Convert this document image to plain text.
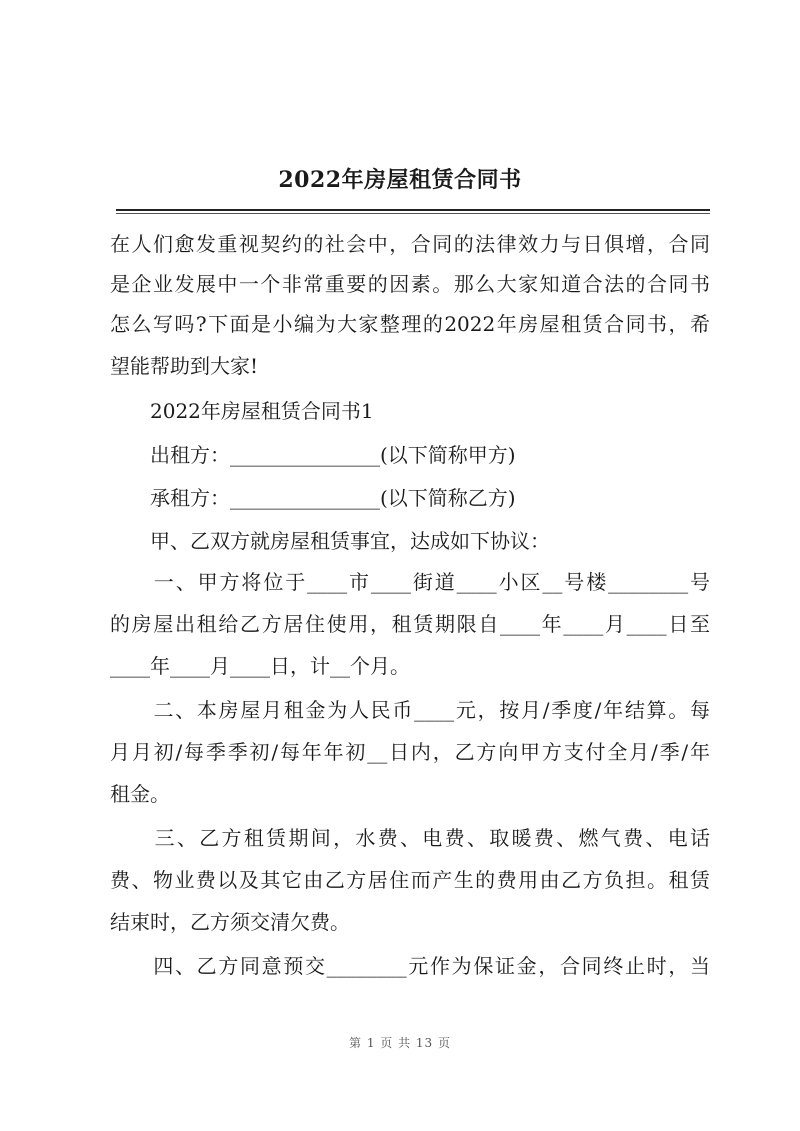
2022年房屋租赁合同书
在人们愈发重视契约的社会中，合同的法律效力与日俱增，合同
是企业发展中一个非常重要的因素。那么大家知道合法的合同书
怎么写吗?下面是小编为大家整理的2022年房屋租赁合同书，希
望能帮助到大家!
　　2022年房屋租赁合同书1
　　出租方：_______________(以下简称甲方)
　　承租方：_______________(以下简称乙方)
　　甲、乙双方就房屋租赁事宜，达成如下协议：
　　一、甲方将位于____市____街道____小区__号楼________号
的房屋出租给乙方居住使用，租赁期限自____年____月____日至
____年____月____日，计__个月。
　　二、本房屋月租金为人民币____元，按月/季度/年结算。每
月月初/每季季初/每年年初__日内，乙方向甲方支付全月/季/年
租金。
　　三、乙方租赁期间，水费、电费、取暖费、燃气费、电话
费、物业费以及其它由乙方居住而产生的费用由乙方负担。租赁
结束时，乙方须交清欠费。
　　四、乙方同意预交________元作为保证金，合同终止时，当
第 1 页 共 13 页
